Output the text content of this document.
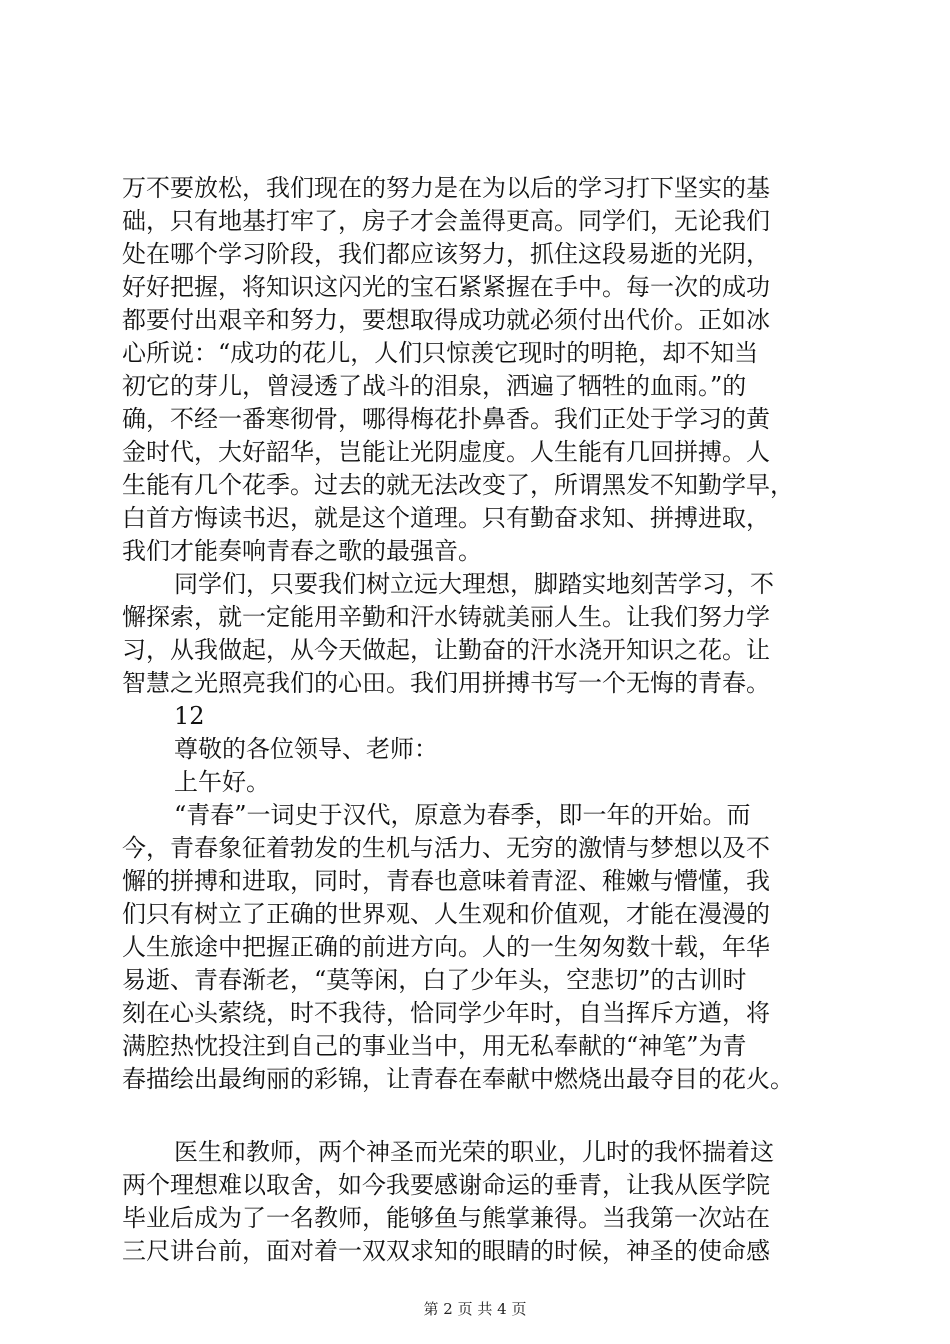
万不要放松，我们现在的努力是在为以后的学习打下坚实的基
础，只有地基打牢了，房子才会盖得更高。同学们，无论我们
处在哪个学习阶段，我们都应该努力，抓住这段易逝的光阴，
好好把握，将知识这闪光的宝石紧紧握在手中。每一次的成功
都要付出艰辛和努力，要想取得成功就必须付出代价。正如冰
心所说：“成功的花儿，人们只惊羡它现时的明艳，却不知当
初它的芽儿，曾浸透了战斗的泪泉，洒遍了牺牲的血雨。”的
确，不经一番寒彻骨，哪得梅花扑鼻香。我们正处于学习的黄
金时代，大好韶华，岂能让光阴虚度。人生能有几回拼搏。人
生能有几个花季。过去的就无法改变了，所谓黑发不知勤学早，
白首方悔读书迟，就是这个道理。只有勤奋求知、拼搏进取，
我们才能奏响青春之歌的最强音。
同学们，只要我们树立远大理想，脚踏实地刻苦学习，不
懈探索，就一定能用辛勤和汗水铸就美丽人生。让我们努力学
习，从我做起，从今天做起，让勤奋的汗水浇开知识之花。让
智慧之光照亮我们的心田。我们用拼搏书写一个无悔的青春。
12
尊敬的各位领导、老师：
上午好。
“青春”一词史于汉代，原意为春季，即一年的开始。而
今，青春象征着勃发的生机与活力、无穷的激情与梦想以及不
懈的拼搏和进取，同时，青春也意味着青涩、稚嫩与懵懂，我
们只有树立了正确的世界观、人生观和价值观，才能在漫漫的
人生旅途中把握正确的前进方向。人的一生匆匆数十载，年华
易逝、青春渐老，“莫等闲，白了少年头，空悲切”的古训时
刻在心头萦绕，时不我待，恰同学少年时，自当挥斥方遒，将
满腔热忱投注到自己的事业当中，用无私奉献的“神笔”为青
春描绘出最绚丽的彩锦，让青春在奉献中燃烧出最夺目的花火。
医生和教师，两个神圣而光荣的职业，儿时的我怀揣着这
两个理想难以取舍，如今我要感谢命运的垂青，让我从医学院
毕业后成为了一名教师，能够鱼与熊掌兼得。当我第一次站在
三尺讲台前，面对着一双双求知的眼睛的时候，神圣的使命感
第 2 页 共 4 页
